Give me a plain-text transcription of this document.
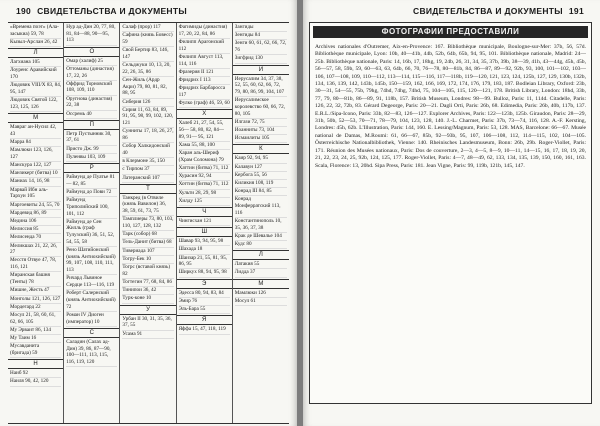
190 СВИДЕТЕЛЬСТВА И ДОКУМЕНТЫ
«Времена поэт» (Ала-засыкиа) 59, 78
Кызыл-Арслан 26, 42
Л
Лагхиана 105
Лоуренс Аравийский 170
Людовик VIII/Х 83, 84, 95, 147
Людовик Святой 122, 123, 125, 126
М
Мавраг ан-Нусил 42, 43
Марра 84
Мамлюки 123, 126, 127
Манскура 122, 127
Манзикерт (битва) 10
Маниах 14, 16, 98
Марвай Ибн аль-Тархуи 105
Маргоевиты 24, 55, 70
Мардевид 86, 89
Медина 106
Мелиссия 85
Мелисенда 70
Меликшах 21, 22, 26, 27
Месстя Отвуе 47, 78, 116, 121
Миранская башня (Тенты) 78
Мишне, Жесть 47
Монголы 121, 126, 127
Мордегард 22
Мосул 21, 58, 60, 61, 62, 66, 105
Му Эрваит 86, 134
Му Таим 16
Мусавданита (бригада) 59
Н
Наиб 92
Наиля 90, 42, 120
Нур ад-Дин 20, 77, 80, 81, 84—88, 90—95, 113
О
Омар (халиф) 25
Оттоманы (династия) 17, 22, 26
Оффрид Торновский 108, 109, 110
Оругнова (династия) 22, 38
Оссремь 40
П
Петр Пустынник 30, 37, 61
Присто Дж. 99
Пуленвы 103, 109
Р
Раймунд де Пуатье 81— 82, 85
Раймунд до Пови 72
Раймунд Триполийский 100, 101, 112
Раймунд де Сен Жилль (граф Тулузский) 36, 51, 52, 54, 55, 58
Рено Шатийонский (князь Антиохийский) 99, 107, 108, 110, 111, 113
Ричард Львиное Сердце 113—116, 119
Роберт Салернский (князь Антиохийский) 72
Роман IV Диоген (император) 10
С
Саладин (Салах ад-Дин) 39, 86, 87—90, 100—111, 113, 115, 116, 119, 120
Салаф (прор) 117
Сафина (князь Бовесс) 59
Свой Бертир 83, 146, 147
Сельджуки 10, 13, 20, 22, 26, 35, 86
Сен-Жиль (Ардр Акри) 79, 80, 81, 82, 88, 95
Сиберия 126
Сирия 11, 63, 84, 89, 91, 95, 98, 99, 102, 120, 121
Сунниты 17, 18, 26, 27, 86
Собор Халкидонский 40
в Клермоне 35, 150
с Тирпом 37
Латеранский 107
Т
Танкред (в Отвиле (князь Вавилон) 36, 38, 59, 61, 73, 75
Тамплиеры 73, 80, 103, 110, 127, 128, 132
Тарк (собор) 68
Тель-Данит (битва) 68
Тивериада 107
Тогру-Бек 10
Тогрс (вставой князь) 82
Тогтегин 77, 68, 84, 86
Тинипои 36, 42
Турк-коне 10
У
Урбан II 30, 31, 35, 36, 37, 55
Усама 91
Фагимиды (династия) 17, 20, 22, 84, 86
Филипп Арагонский 112
Филипп Август 113, 114, 116
Фразерия II 121
Фридрих I 113
Фридрих Барбаросса 117
Фулко (граф) 46, 59, 60
Х
Халеб 21, 27, 54, 55, 56— 58, 80, 82, 84—89, 91— 95, 121
Хама 55, 88, 100
Харан аль-Шериф (Храм Соломона) 79
Хаттин (битва) 71, 112
Хурасин 92, 94
Хоттин (битва) 71, 112
Хульти 28, 29, 98
Хилду 125
Ч
Чингисхан 121
Ш
Шавар 93, 94, 95, 98
Шахада 18
Шаизар 21, 55, 81, 95, 86, 95
Ширкух 88, 94, 95, 98
Э
Эдесса 80, 94, 83, 84
Эмир 76
Эль-Бара 55
Я
Яффа 15, 47, 118, 119
Зангиды
Зенгиды 84
Зенги 60, 61, 62, 66, 72, 76
Зигфрид 130
И
Иерусалим 34, 37, 38, 52, 55, 60, 62, 66, 72, 79, 80, 86, 99, 104, 107
Иерусалимское королевство 60, 66, 72, 80, 105
Илгази 72, 75
Иоанниты 73, 104
Исмаилиты 105
К
Каир 92, 94, 95
Калавун 127
Кербога 55, 56
Киликия 108, 119
Конрад III 84, 85
Конрад Монферратский 113, 116
Константинополь 10, 35, 36, 37, 38
Крак де Шевалье 104
Кудс 80
Л
Латакия 55
Лидда 37
М
Мамлюки 126
Мосул 61
СВИДЕТЕЛЬСТВА И ДОКУМЕНТЫ 191
ФОТОГРАФИИ ПРЕДОСТАВИЛИ
Archives nationales d'Outremer, Aix-en-Provence: 167. Bibliothèque municipale, Boulogne-sur-Mer: 37b, 56, 57d. Bibliothèque municipale, Lyon: 10b, 40—41b, 44b, 52b, 64b, 65b, 94, 95, 101. Bibliothèque nationale, Madrid: 24—25b. Bibliothèque nationale, Paris: 14, 16b, 17, 18hg, 19, 24b, 26, 31, 34, 35, 37b, 39b, 38—39, 41h, 43—44g, 45h, 45b, 56—57, 58, 59b, 59, 60—63, 63, 64b, 66, 70, 76—78, 80—81b, 84, 86—87, 89—92, 92b, 93, 100, 101—102, 103—106, 107—108, 109, 110—112, 113—114, 115—116, 117—118b, 119—120, 121, 123, 124, 125b, 127, 129, 130b, 132b, 134, 136, 139, 142, 143b, 145b, 150—159, 162, 166, 169, 172, 174, 176, 179, 183, 187. Bodleian Library, Oxford: 23b, 30—31, 54—55, 75b, 79hg, 74hd, 74hg, 74hd, 75, 104—105, 115, 120—121, 178. British Library, London: 18hd, 33b, 77, 79, 80—81b, 86—89, 91, 118b, 157. British Museum, Londres: 98—99. Bulloz, Paris: 11, 114d. Citadelle, Paris: 126, 22, 32, 72b, 83. Gérard Degeorge, Paris: 20—21. Dagli Orti, Paris: 26b, 68. Edimedia, Paris: 26b, 40b, 117b, 137. E.R.L./Sipa-Icono, Paris: 33b, 82—83, 126—127. Explorer Archives, Paris: 122—123b, 125b. Giraudon, Paris: 28—29, 31b, 50b, 52—53, 70—71, 78—79, 104, 123, 128, 140. J.-L. Charmet, Paris: 37b, 73—74, 116, 128. A.-F. Kersting, Londres: 45h, 62b. L'Illustration, Paris: 144, 160. E. Lessing/Magnum, Paris: 53, 128. MAS, Barcelone: 66—67. Musée national de Damas, M.Roumi: 61, 66—67, 85b, 92—93b, 95, 107, 106—108, 112, 114—115, 102, 104—105. Österreichische Nationalbibliothek, Vienne: 140. Rheinisches Landesmuseum, Bonn: 26b, 29b. Roger-Viollet, Paris: 171. Réunion des Musées nationaux, Paris: Dos de couverture, 2—3, 4—5, 8—9, 10—11, 14—15, 16, 17, 18, 19, 20, 21, 22, 23, 24, 25, 92b, 124, 125, 177. Roger-Viollet, Paris: 4—7, 48—49, 62, 133, 134, 135, 139, 150, 160, 161, 163. Scala, Florence: 13, 20hd. Sipa Press, Paris: 181. Jean Vigne, Paris: 99, 119b, 121b, 145, 147.
